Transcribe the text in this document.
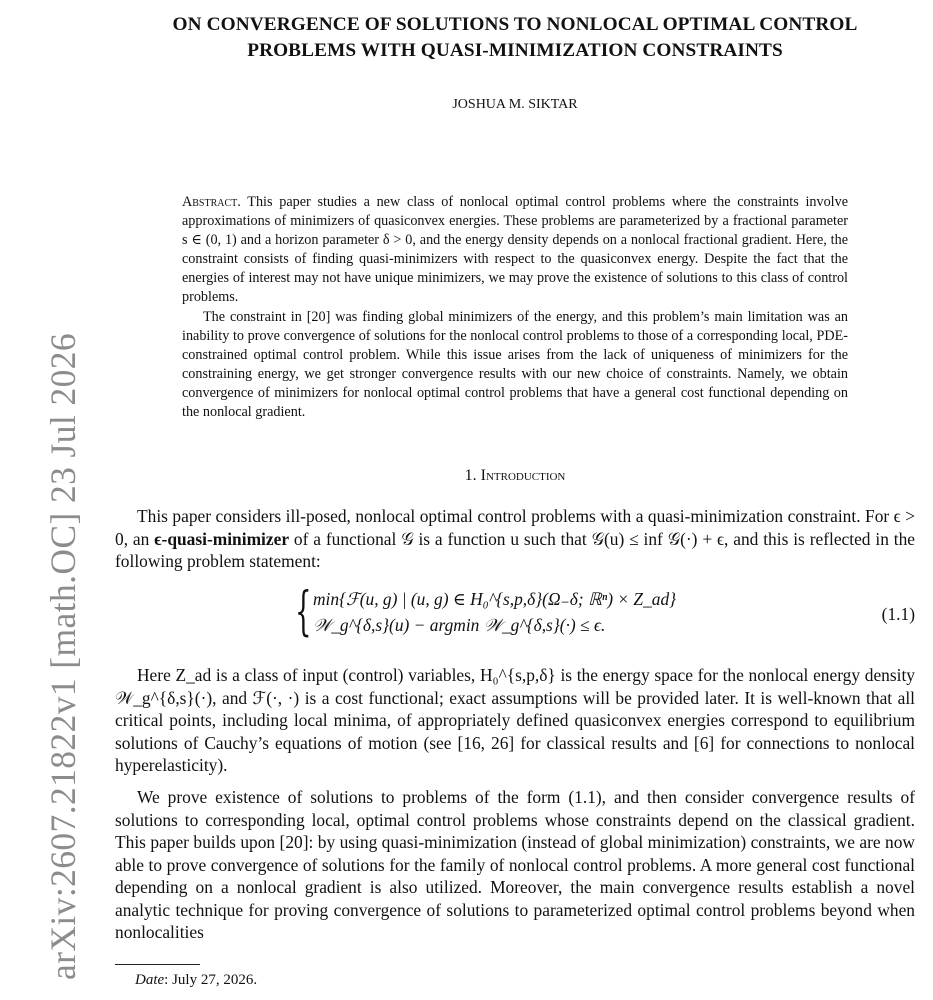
arXiv:2607.21822v1 [math.OC] 23 Jul 2026
ON CONVERGENCE OF SOLUTIONS TO NONLOCAL OPTIMAL CONTROL
PROBLEMS WITH QUASI-MINIMIZATION CONSTRAINTS
JOSHUA M. SIKTAR

Abstract. This paper studies a new class of nonlocal optimal control problems where the constraints involve approximations of minimizers of quasiconvex energies. These problems are parameterized by a fractional parameter s ∈ (0, 1) and a horizon parameter δ > 0, and the energy density depends on a nonlocal fractional gradient. Here, the constraint consists of finding quasi-minimizers with respect to the quasiconvex energy. Despite the fact that the energies of interest may not have unique minimizers, we may prove the existence of solutions to this class of control problems.

The constraint in [20] was finding global minimizers of the energy, and this problem’s main limitation was an inability to prove convergence of solutions for the nonlocal control problems to those of a corresponding local, PDE-constrained optimal control problem. While this issue arises from the lack of uniqueness of minimizers for the constraining energy, we get stronger convergence results with our new choice of constraints. Namely, we obtain convergence of minimizers for nonlocal optimal control problems that have a general cost functional depending on the nonlocal gradient.

1. Introduction

This paper considers ill-posed, nonlocal optimal control problems with a quasi-minimization constraint. For ϵ > 0, an ϵ-quasi-minimizer of a functional 𝒢 is a function u such that 𝒢(u) ≤ inf 𝒢(·) + ϵ, and this is reflected in the following problem statement:

{ min{ℱ(u, g) | (u, g) ∈ H₀^{s,p,δ}(Ω₋δ; ℝⁿ) × Z_ad}
𝒲_g^{δ,s}(u) − argmin 𝒲_g^{δ,s}(·) ≤ ϵ.
(1.1)

Here Z_ad is a class of input (control) variables, H₀^{s,p,δ} is the energy space for the nonlocal energy density 𝒲_g^{δ,s}(·), and ℱ(·, ·) is a cost functional; exact assumptions will be provided later. It is well-known that all critical points, including local minima, of appropriately defined quasiconvex energies correspond to equilibrium solutions of Cauchy’s equations of motion (see [16, 26] for classical results and [6] for connections to nonlocal hyperelasticity).

We prove existence of solutions to problems of the form (1.1), and then consider convergence results of solutions to corresponding local, optimal control problems whose constraints depend on the classical gradient. This paper builds upon [20]: by using quasi-minimization (instead of global minimization) constraints, we are now able to prove convergence of solutions for the family of nonlocal control problems. A more general cost functional depending on a nonlocal gradient is also utilized. Moreover, the main convergence results establish a novel analytic technique for proving convergence of solutions to parameterized optimal control problems beyond when nonlocalities

Date: July 27, 2026.
